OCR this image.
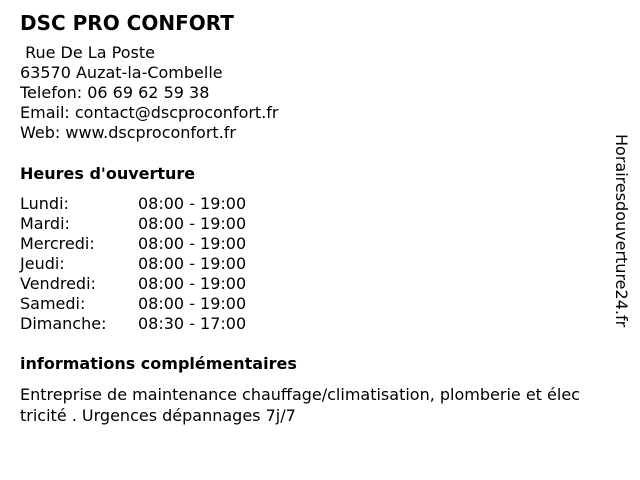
DSC PRO CONFORT
Rue De La Poste
63570 Auzat-la-Combelle
Telefon: 06 69 62 59 38
Email: contact@dscproconfort.fr
Web: www.dscproconfort.fr
Heures d'ouverture
Lundi:	08:00 - 19:00
Mardi:	08:00 - 19:00
Mercredi:	08:00 - 19:00
Jeudi:	08:00 - 19:00
Vendredi:	08:00 - 19:00
Samedi:	08:00 - 19:00
Dimanche: 08:30 - 17:00
informations complémentaires
Entreprise de maintenance chauffage/climatisation, plomberie et élec
tricité . Urgences dépannages 7j/7
Horairesdouverture24.fr
